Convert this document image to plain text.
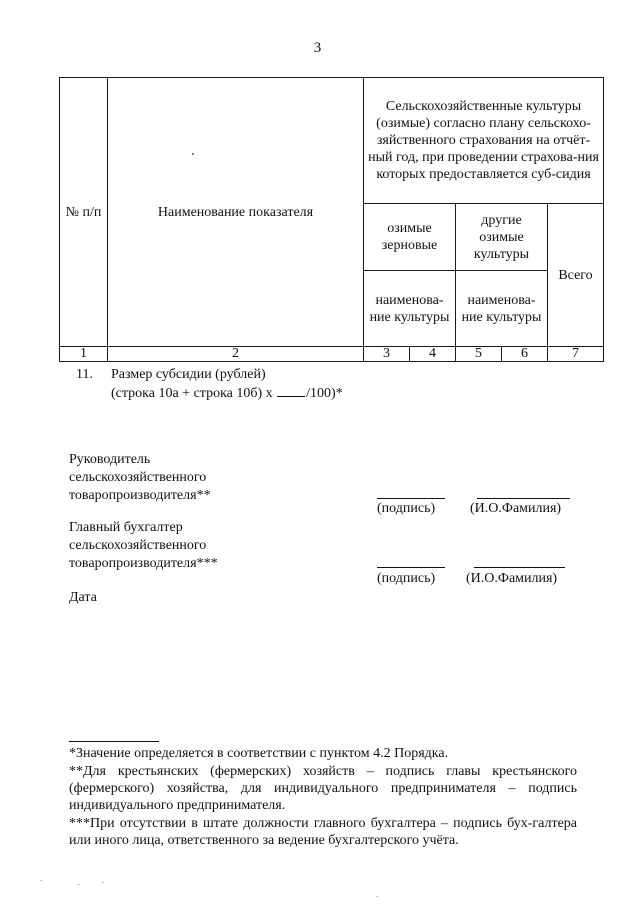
3
№ п/п	Наименование показателя	Сельскохозяйственные культуры (озимые) согласно плану сельскохо-зяйственного страхования на отчёт-ный год, при проведении страхова-ния которых предоставляется суб-сидия				
		озимые зерновые		другие озимые культуры		Всего
		наименова-ние культуры		наименова-ние культуры		
1	2	3	4	5	6	7
11. Размер субсидии (рублей)
(строка 10а + строка 10б) х /100)*
Руководитель
сельскохозяйственного
товаропроизводителя**
(подпись) (И.О.Фамилия)
Главный бухгалтер
сельскохозяйственного
товаропроизводителя***
(подпись) (И.О.Фамилия)
Дата

*Значение определяется в соответствии с пунктом 4.2 Порядка.

**Для крестьянских (фермерских) хозяйств – подпись главы крестьянского (фермерского) хозяйства, для индивидуального предпринимателя – подпись индивидуального предпринимателя.

***При отсутствии в штате должности главного бухгалтера – подпись бух-галтера или иного лица, ответственного за ведение бухгалтерского учёта.
